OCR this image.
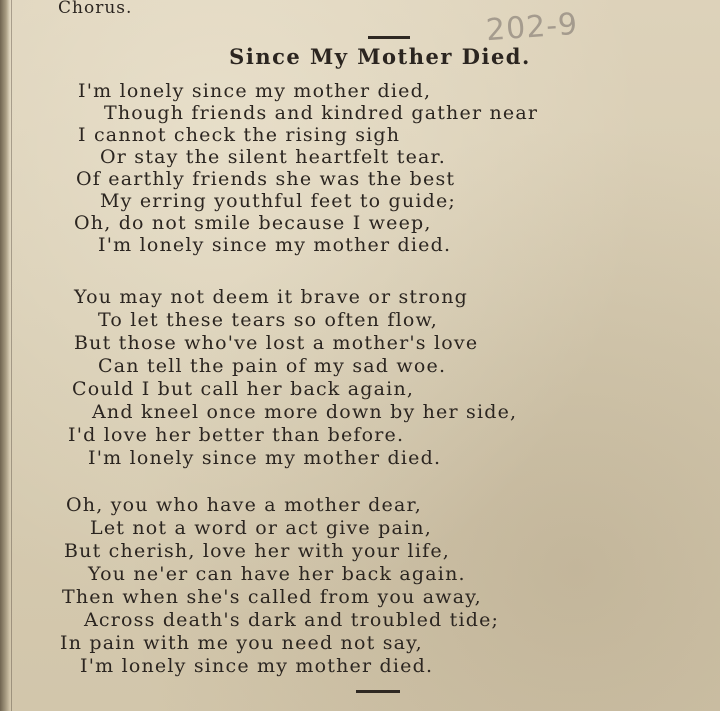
Chorus.	202-9
Since My Mother Died.
I'm lonely since my mother died,
Though friends and kindred gather near
I cannot check the rising sigh
Or stay the silent heartfelt tear.
Of earthly friends she was the best
My erring youthful feet to guide;
Oh, do not smile because I weep,
I'm lonely since my mother died.
You may not deem it brave or strong
To let these tears so often flow,
But those who've lost a mother's love
Can tell the pain of my sad woe.
Could I but call her back again,
And kneel once more down by her side,
I'd love her better than before.
I'm lonely since my mother died.
Oh, you who have a mother dear,
Let not a word or act give pain,
But cherish, love her with your life,
You ne'er can have her back again.
Then when she's called from you away,
Across death's dark and troubled tide;
In pain with me you need not say,
I'm lonely since my mother died.
